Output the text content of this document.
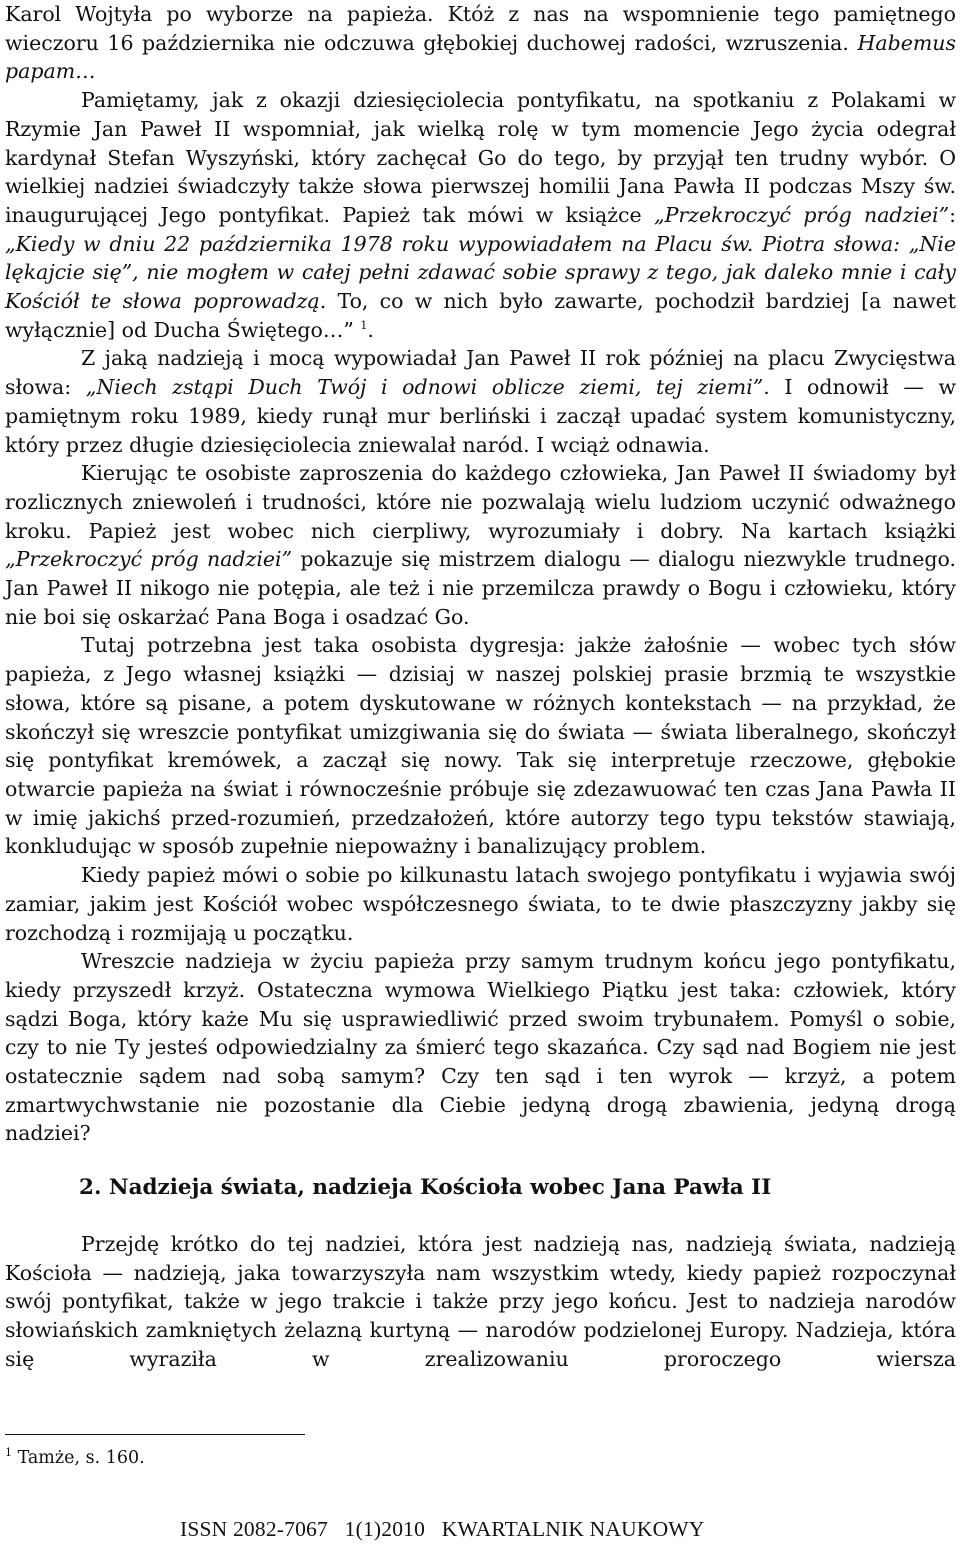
Karol Wojtyła po wyborze na papieża. Któż z nas na wspomnienie tego pamiętnego wieczoru 16 października nie odczuwa głębokiej duchowej radości, wzruszenia. Habemus papam…

Pamiętamy, jak z okazji dziesięciolecia pontyfikatu, na spotkaniu z Polakami w Rzymie Jan Paweł II wspomniał, jak wielką rolę w tym momencie Jego życia odegrał kardynał Stefan Wyszyński, który zachęcał Go do tego, by przyjął ten trudny wybór. O wielkiej nadziei świadczyły także słowa pierwszej homilii Jana Pawła II podczas Mszy św. inaugurującej Jego pontyfikat. Papież tak mówi w książce „Przekroczyć próg nadziei”: „Kiedy w dniu 22 października 1978 roku wypowiadałem na Placu św. Piotra słowa: „Nie lękajcie się”, nie mogłem w całej pełni zdawać sobie sprawy z tego, jak daleko mnie i cały Kościół te słowa poprowadzą. To, co w nich było zawarte, pochodził bardziej [a nawet wyłącznie] od Ducha Świętego…” $^1$.

Z jaką nadzieją i mocą wypowiadał Jan Paweł II rok później na placu Zwycięstwa słowa: „Niech zstąpi Duch Twój i odnowi oblicze ziemi, tej ziemi”. I odnowił — w pamiętnym roku 1989, kiedy runął mur berliński i zaczął upadać system komunistyczny, który przez długie dziesięciolecia zniewalał naród. I wciąż odnawia.

Kierując te osobiste zaproszenia do każdego człowieka, Jan Paweł II świadomy był rozlicznych zniewoleń i trudności, które nie pozwalają wielu ludziom uczynić odważnego kroku. Papież jest wobec nich cierpliwy, wyrozumiały i dobry. Na kartach książki „Przekroczyć próg nadziei” pokazuje się mistrzem dialogu — dialogu niezwykle trudnego. Jan Paweł II nikogo nie potępia, ale też i nie przemilcza prawdy o Bogu i człowieku, który nie boi się oskarżać Pana Boga i osadzać Go.

Tutaj potrzebna jest taka osobista dygresja: jakże żałośnie — wobec tych słów papieża, z Jego własnej książki — dzisiaj w naszej polskiej prasie brzmią te wszystkie słowa, które są pisane, a potem dyskutowane w różnych kontekstach — na przykład, że skończył się wreszcie pontyfikat umizgiwania się do świata — świata liberalnego, skończył się pontyfikat kremówek, a zaczął się nowy. Tak się interpretuje rzeczowe, głębokie otwarcie papieża na świat i równocześnie próbuje się zdezawuować ten czas Jana Pawła II w imię jakichś przed-rozumień, przedzałożeń, które autorzy tego typu tekstów stawiają, konkludując w sposób zupełnie niepoważny i banalizujący problem.

Kiedy papież mówi o sobie po kilkunastu latach swojego pontyfikatu i wyjawia swój zamiar, jakim jest Kościół wobec współczesnego świata, to te dwie płaszczyzny jakby się rozchodzą i rozmijają u początku.

Wreszcie nadzieja w życiu papieża przy samym trudnym końcu jego pontyfikatu, kiedy przyszedł krzyż. Ostateczna wymowa Wielkiego Piątku jest taka: człowiek, który sądzi Boga, który każe Mu się usprawiedliwić przed swoim trybunałem. Pomyśl o sobie, czy to nie Ty jesteś odpowiedzialny za śmierć tego skazańca. Czy sąd nad Bogiem nie jest ostatecznie sądem nad sobą samym? Czy ten sąd i ten wyrok — krzyż, a potem zmartwychwstanie nie pozostanie dla Ciebie jedyną drogą zbawienia, jedyną drogą nadziei?

2. Nadzieja świata, nadzieja Kościoła wobec Jana Pawła II

Przejdę krótko do tej nadziei, która jest nadzieją nas, nadzieją świata, nadzieją Kościoła — nadzieją, jaka towarzyszyła nam wszystkim wtedy, kiedy papież rozpoczynał swój pontyfikat, także w jego trakcie i także przy jego końcu. Jest to nadzieja narodów słowiańskich zamkniętych żelazną kurtyną — narodów podzielonej Europy. Nadzieja, która się wyraziła w zrealizowaniu proroczego wiersza

$^1$ Tamże, s. 160.

ISSN 2082-7067   1(1)2010   KWARTALNIK NAUKOWY
